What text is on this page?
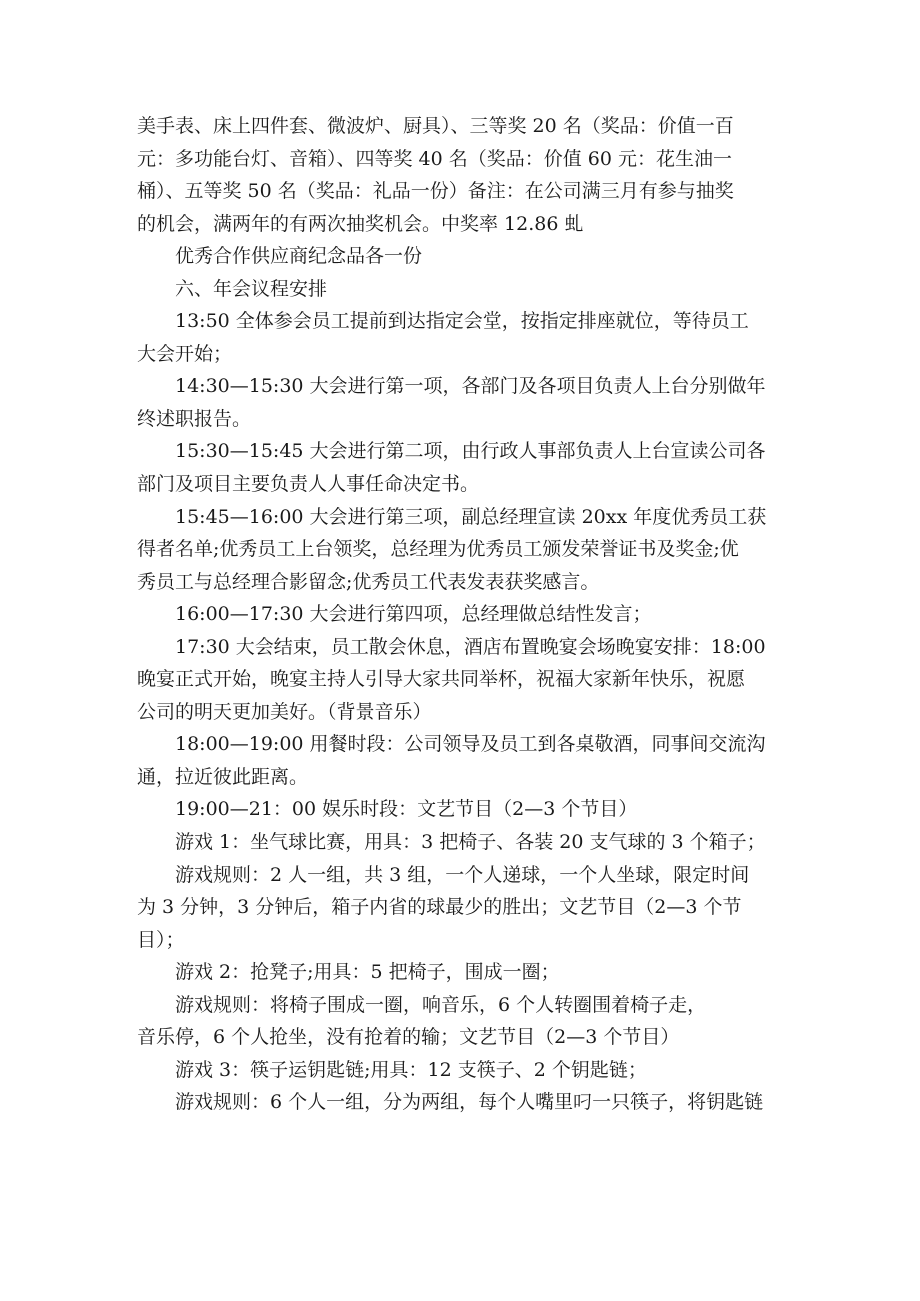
美手表、床上四件套、微波炉、厨具）、三等奖 20 名（奖品：价值一百
元：多功能台灯、音箱）、四等奖 40 名（奖品：价值 60 元：花生油一
桶）、五等奖 50 名（奖品：礼品一份）备注：在公司满三月有参与抽奖
的机会，满两年的有两次抽奖机会。中奖率 12.86 虬
优秀合作供应商纪念品各一份
六、年会议程安排
13:50 全体参会员工提前到达指定会堂，按指定排座就位，等待员工
大会开始；
14:30—15:30 大会进行第一项，各部门及各项目负责人上台分别做年
终述职报告。
15:30—15:45 大会进行第二项，由行政人事部负责人上台宣读公司各
部门及项目主要负责人人事任命决定书。
15:45—16:00 大会进行第三项，副总经理宣读 20xx 年度优秀员工获
得者名单;优秀员工上台领奖，总经理为优秀员工颁发荣誉证书及奖金;优
秀员工与总经理合影留念;优秀员工代表发表获奖感言。
16:00—17:30 大会进行第四项，总经理做总结性发言；
17:30 大会结束，员工散会休息，酒店布置晚宴会场晚宴安排：18:00
晚宴正式开始，晚宴主持人引导大家共同举杯，祝福大家新年快乐，祝愿
公司的明天更加美好。（背景音乐）
18:00—19:00 用餐时段：公司领导及员工到各桌敬酒，同事间交流沟
通，拉近彼此距离。
19:00—21：00 娱乐时段：文艺节目（2—3 个节目）
游戏 1：坐气球比赛，用具：3 把椅子、各装 20 支气球的 3 个箱子；
游戏规则：2 人一组，共 3 组，一个人递球，一个人坐球，限定时间
为 3 分钟，3 分钟后，箱子内省的球最少的胜出；文艺节目（2—3 个节
目）；
游戏 2：抢凳子;用具：5 把椅子，围成一圈；
游戏规则：将椅子围成一圈，响音乐，6 个人转圈围着椅子走，
音乐停，6 个人抢坐，没有抢着的输；文艺节目（2—3 个节目）
游戏 3：筷子运钥匙链;用具：12 支筷子、2 个钥匙链；
游戏规则：6 个人一组，分为两组，每个人嘴里叼一只筷子，将钥匙链
